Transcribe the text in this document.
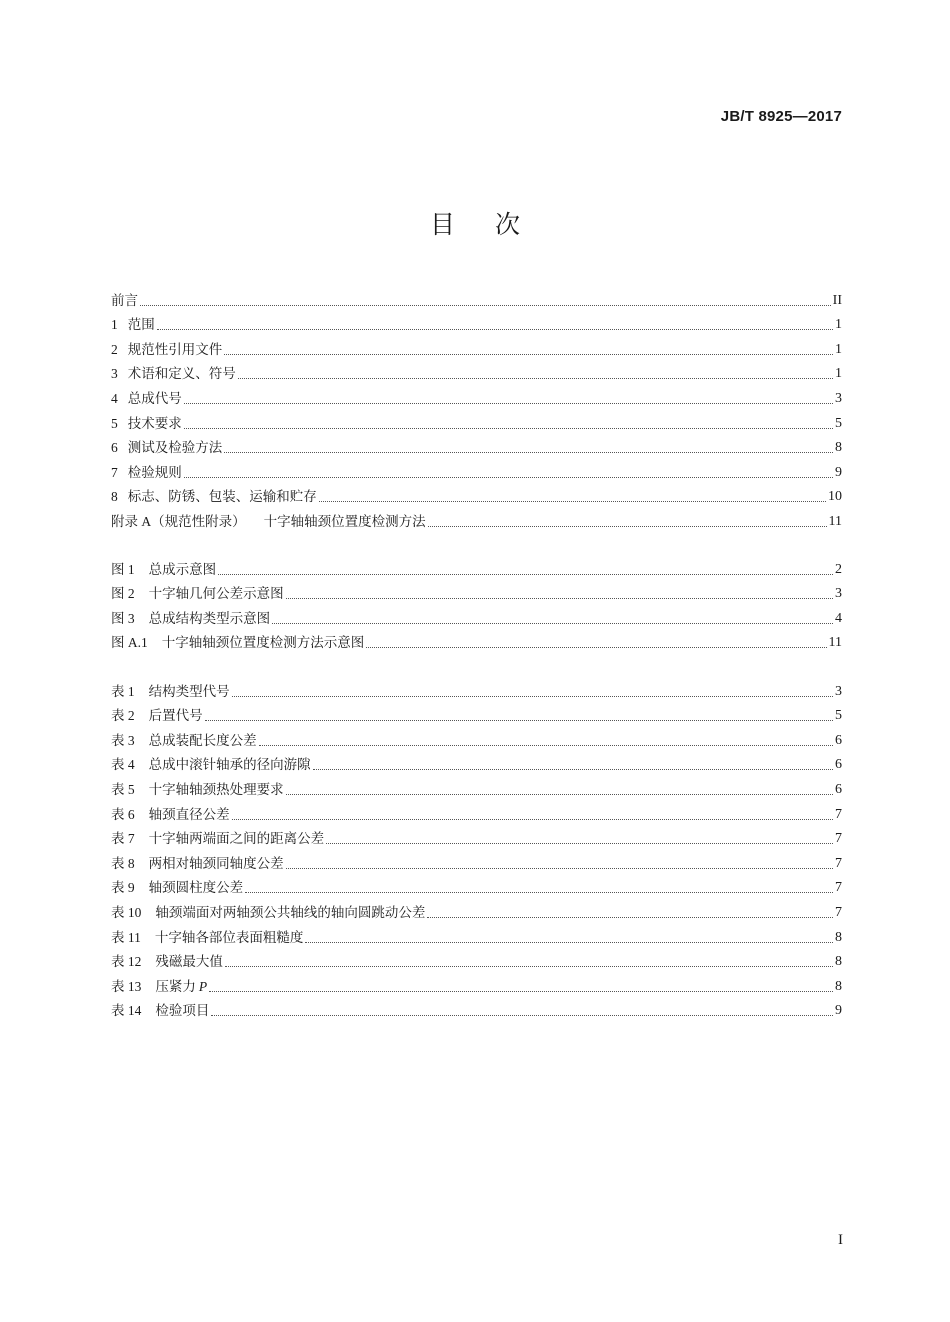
JB/T 8925—2017
目次
前言	II
1 范围	1
2 规范性引用文件	1
3 术语和定义、符号	1
4 总成代号	3
5 技术要求	5
6 测试及检验方法	8
7 检验规则	9
8 标志、防锈、包装、运输和贮存	10
附录 A（规范性附录） 十字轴轴颈位置度检测方法	11
图 1 总成示意图	2
图 2 十字轴几何公差示意图	3
图 3 总成结构类型示意图	4
图 A.1 十字轴轴颈位置度检测方法示意图	11
表 1 结构类型代号	3
表 2 后置代号	5
表 3 总成装配长度公差	6
表 4 总成中滚针轴承的径向游隙	6
表 5 十字轴轴颈热处理要求	6
表 6 轴颈直径公差	7
表 7 十字轴两端面之间的距离公差	7
表 8 两相对轴颈同轴度公差	7
表 9 轴颈圆柱度公差	7
表 10 轴颈端面对两轴颈公共轴线的轴向圆跳动公差	7
表 11 十字轴各部位表面粗糙度	8
表 12 残磁最大值	8
表 13 压紧力 P	8
表 14 检验项目	9
I
